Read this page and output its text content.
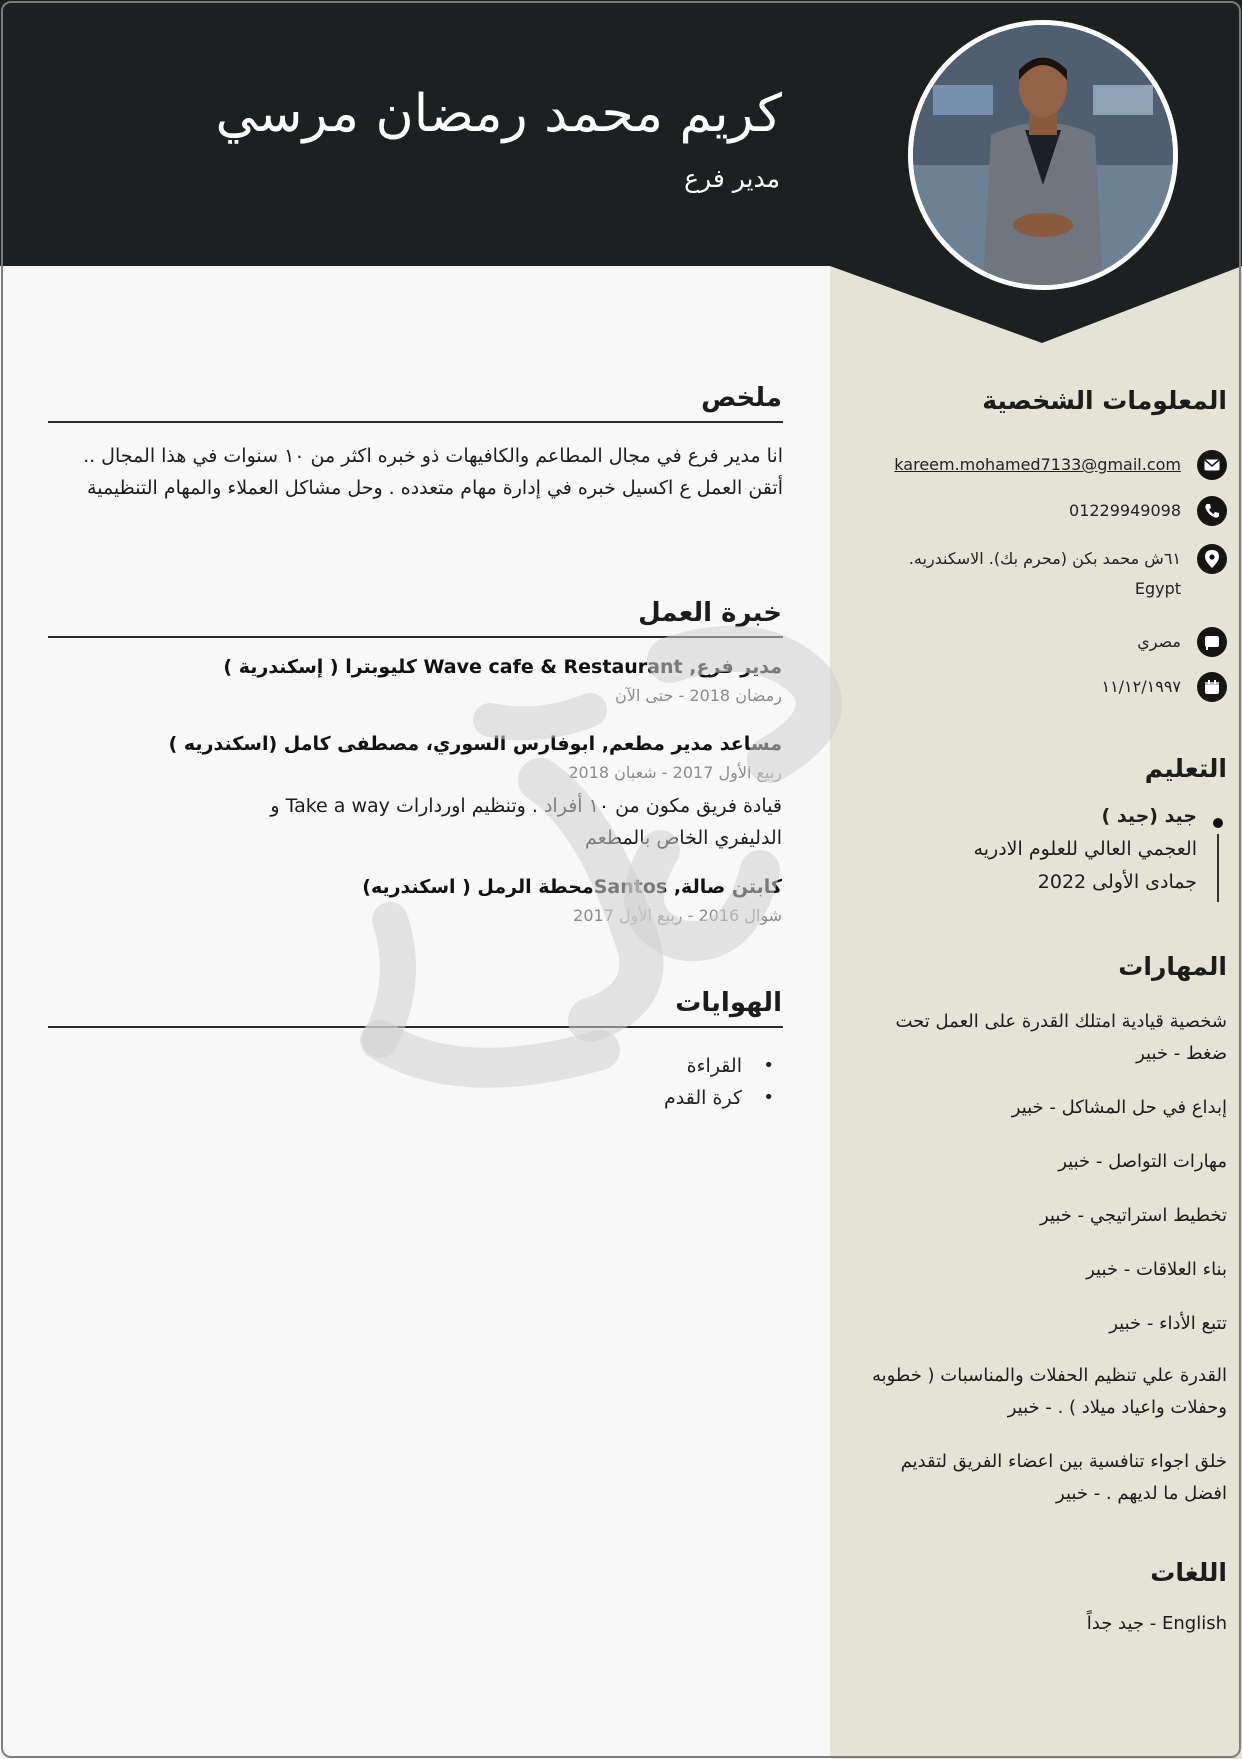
كريم محمد رمضان مرسي
مدير فرع
ملخص
انا مدير فرع في مجال المطاعم والكافيهات ذو خبره اكثر من ١٠ سنوات في هذا المجال .. أتقن العمل ع اكسيل خبره في إدارة مهام متعدده . وحل مشاكل العملاء والمهام التنظيمية
خبرة العمل
مدير فرع, Wave cafe & Restaurant كليوبترا ( إسكندرية )
رمضان 2018 - حتى الآن
مساعد مدير مطعم, ابوفارس السوري، مصطفى كامل (اسكندريه )
ربيع الأول 2017 - شعبان 2018
قيادة فريق مكون من ١٠ أفراد . وتنظيم اوردارات Take a way و الدليفري الخاص بالمطعم
كابتن صالة, Santosمحطة الرمل ( اسكندريه)
شوال 2016 - ربيع الأول 2017
الهوايات
• القراءة
• كرة القدم
المعلومات الشخصية
kareem.mohamed7133@gmail.com
01229949098
٦١ش محمد بكن (محرم بك). الاسكندريه. Egypt
مصري
١١/١٢/١٩٩٧
التعليم
جيد (جيد )
العجمي العالي للعلوم الادريه
جمادى الأولى 2022
المهارات
شخصية قيادية امتلك القدرة على العمل تحت ضغط - خبير
إبداع في حل المشاكل - خبير
مهارات التواصل - خبير
تخطيط استراتيجي - خبير
بناء العلاقات - خبير
تتبع الأداء - خبير
القدرة علي تنظيم الحفلات والمناسبات ( خطوبه وحفلات واعياد ميلاد ) . - خبير
خلق اجواء تنافسية بين اعضاء الفريق لتقديم افضل ما لديهم . - خبير
اللغات
English - جيد جداً
